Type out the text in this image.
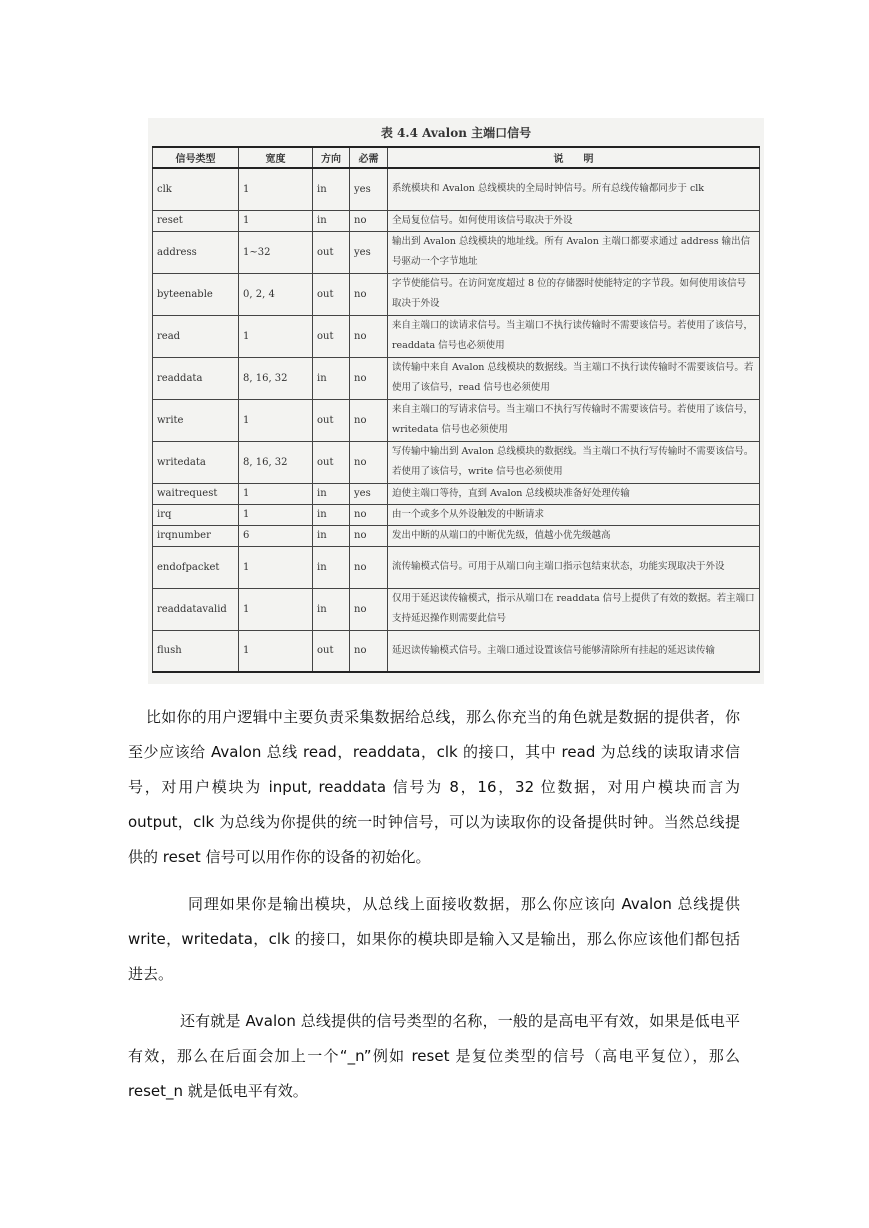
表 4.4 Avalon 主端口信号
信号类型	宽度	方向	必需	说　　明
clk	1	in	yes	系统模块和 Avalon 总线模块的全局时钟信号。所有总线传输都同步于 clk
reset	1	in	no	全局复位信号。如何使用该信号取决于外设
address	1~32	out	yes	输出到 Avalon 总线模块的地址线。所有 Avalon 主端口都要求通过 address 输出信号驱动一个字节地址
byteenable	0, 2, 4	out	no	字节使能信号。在访问宽度超过 8 位的存储器时使能特定的字节段。如何使用该信号取决于外设
read	1	out	no	来自主端口的读请求信号。当主端口不执行读传输时不需要该信号。若使用了该信号，readdata 信号也必须使用
readdata	8, 16, 32	in	no	读传输中来自 Avalon 总线模块的数据线。当主端口不执行读传输时不需要该信号。若使用了该信号，read 信号也必须使用
write	1	out	no	来自主端口的写请求信号。当主端口不执行写传输时不需要该信号。若使用了该信号，writedata 信号也必须使用
writedata	8, 16, 32	out	no	写传输中输出到 Avalon 总线模块的数据线。当主端口不执行写传输时不需要该信号。若使用了该信号，write 信号也必须使用
waitrequest	1	in	yes	迫使主端口等待，直到 Avalon 总线模块准备好处理传输
irq	1	in	no	由一个或多个从外设触发的中断请求
irqnumber	6	in	no	发出中断的从端口的中断优先级，值越小优先级越高
endofpacket	1	in	no	流传输模式信号。可用于从端口向主端口指示包结束状态，功能实现取决于外设
readdatavalid	1	in	no	仅用于延迟读传输模式，指示从端口在 readdata 信号上提供了有效的数据。若主端口支持延迟操作则需要此信号
flush	1	out	no	延迟读传输模式信号。主端口通过设置该信号能够清除所有挂起的延迟读传输

比如你的用户逻辑中主要负责采集数据给总线，那么你充当的角色就是数据的提供者，你至少应该给 Avalon 总线 read，readdata，clk 的接口，其中 read 为总线的读取请求信号，对用户模块为 input, readdata 信号为 8，16，32 位数据，对用户模块而言为 output，clk 为总线为你提供的统一时钟信号，可以为读取你的设备提供时钟。当然总线提供的 reset 信号可以用作你的设备的初始化。

同理如果你是输出模块，从总线上面接收数据，那么你应该向 Avalon 总线提供 write，writedata，clk 的接口，如果你的模块即是输入又是输出，那么你应该他们都包括进去。

还有就是 Avalon 总线提供的信号类型的名称，一般的是高电平有效，如果是低电平有效，那么在后面会加上一个“_n”例如 reset 是复位类型的信号（高电平复位），那么 reset_n 就是低电平有效。
